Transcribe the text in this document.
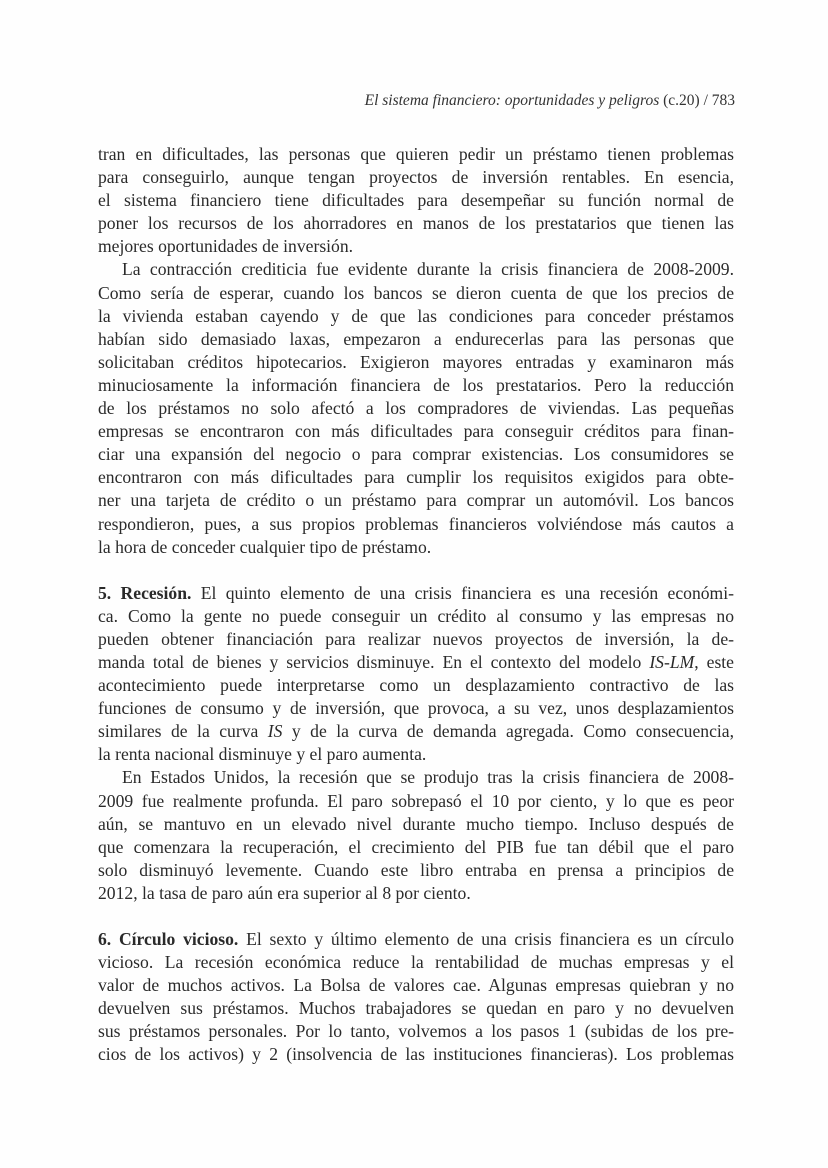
El sistema financiero: oportunidades y peligros (c.20) / 783
tran en dificultades, las personas que quieren pedir un préstamo tienen problemas
para conseguirlo, aunque tengan proyectos de inversión rentables. En esencia,
el sistema financiero tiene dificultades para desempeñar su función normal de
poner los recursos de los ahorradores en manos de los prestatarios que tienen las
mejores oportunidades de inversión.
La contracción crediticia fue evidente durante la crisis financiera de 2008-2009.
Como sería de esperar, cuando los bancos se dieron cuenta de que los precios de
la vivienda estaban cayendo y de que las condiciones para conceder préstamos
habían sido demasiado laxas, empezaron a endurecerlas para las personas que
solicitaban créditos hipotecarios. Exigieron mayores entradas y examinaron más
minuciosamente la información financiera de los prestatarios. Pero la reducción
de los préstamos no solo afectó a los compradores de viviendas. Las pequeñas
empresas se encontraron con más dificultades para conseguir créditos para finan-
ciar una expansión del negocio o para comprar existencias. Los consumidores se
encontraron con más dificultades para cumplir los requisitos exigidos para obte-
ner una tarjeta de crédito o un préstamo para comprar un automóvil. Los bancos
respondieron, pues, a sus propios problemas financieros volviéndose más cautos a
la hora de conceder cualquier tipo de préstamo.
5. Recesión. El quinto elemento de una crisis financiera es una recesión económi-
ca. Como la gente no puede conseguir un crédito al consumo y las empresas no
pueden obtener financiación para realizar nuevos proyectos de inversión, la de-
manda total de bienes y servicios disminuye. En el contexto del modelo IS-LM, este
acontecimiento puede interpretarse como un desplazamiento contractivo de las
funciones de consumo y de inversión, que provoca, a su vez, unos desplazamientos
similares de la curva IS y de la curva de demanda agregada. Como consecuencia,
la renta nacional disminuye y el paro aumenta.
En Estados Unidos, la recesión que se produjo tras la crisis financiera de 2008-
2009 fue realmente profunda. El paro sobrepasó el 10 por ciento, y lo que es peor
aún, se mantuvo en un elevado nivel durante mucho tiempo. Incluso después de
que comenzara la recuperación, el crecimiento del PIB fue tan débil que el paro
solo disminuyó levemente. Cuando este libro entraba en prensa a principios de
2012, la tasa de paro aún era superior al 8 por ciento.
6. Círculo vicioso. El sexto y último elemento de una crisis financiera es un círculo
vicioso. La recesión económica reduce la rentabilidad de muchas empresas y el
valor de muchos activos. La Bolsa de valores cae. Algunas empresas quiebran y no
devuelven sus préstamos. Muchos trabajadores se quedan en paro y no devuelven
sus préstamos personales. Por lo tanto, volvemos a los pasos 1 (subidas de los pre-
cios de los activos) y 2 (insolvencia de las instituciones financieras). Los problemas
